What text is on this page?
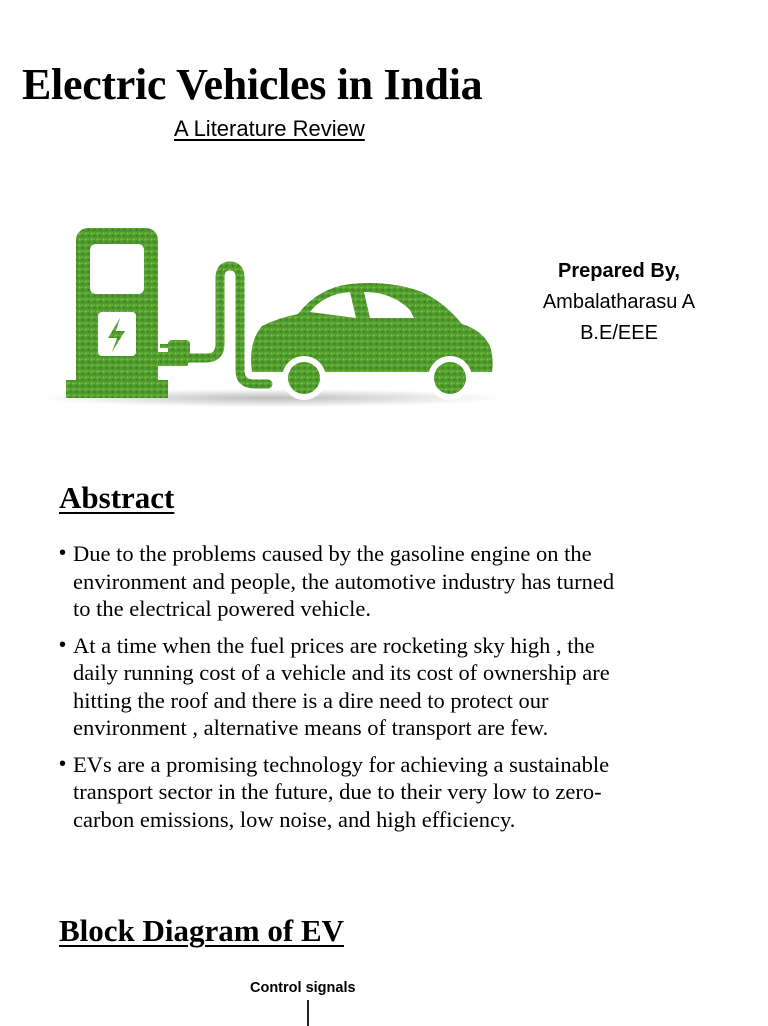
Electric Vehicles in India
A Literature Review
Prepared By,
Ambalatharasu A
B.E/EEE
Abstract
• Due to the problems caused by the gasoline engine on the
environment and people, the automotive industry has turned
to the electrical powered vehicle.
• At a time when the fuel prices are rocketing sky high , the
daily running cost of a vehicle and its cost of ownership are
hitting the roof and there is a dire need to protect our
environment , alternative means of transport are few.
• EVs are a promising technology for achieving a sustainable
transport sector in the future, due to their very low to zero-
carbon emissions, low noise, and high efficiency.
Block Diagram of EV
Control signals
